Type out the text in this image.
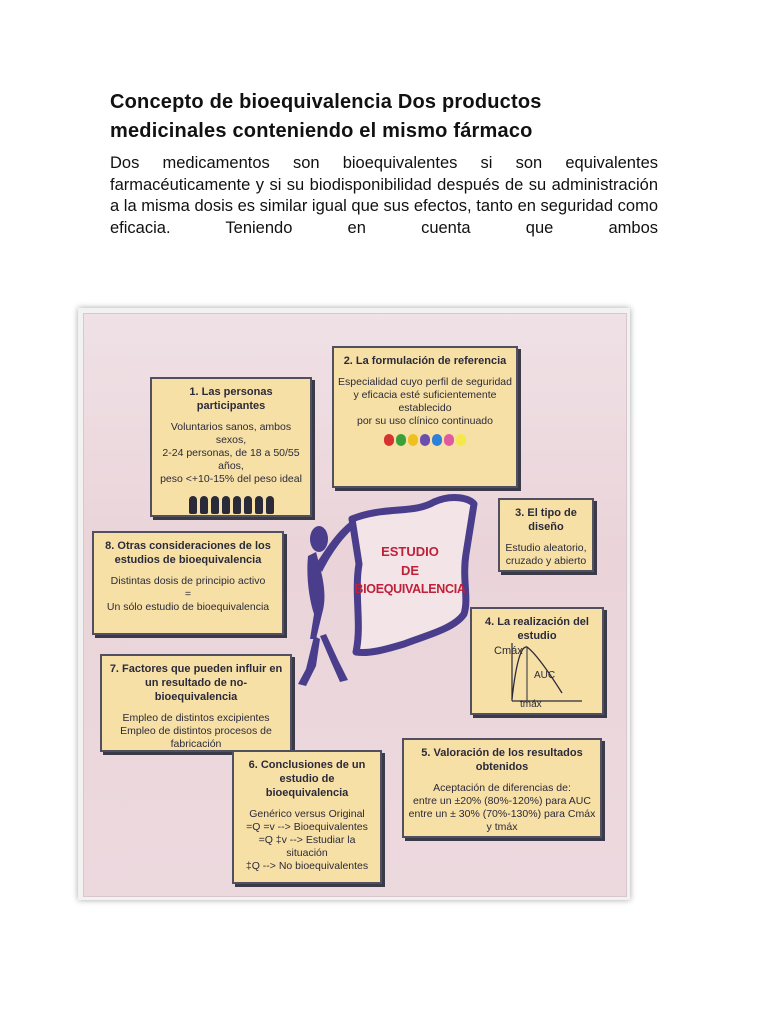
Concepto de bioequivalencia Dos productos medicinales conteniendo el mismo fármaco
Dos medicamentos son bioequivalentes si son equivalentes farmacéuticamente y si su biodisponibilidad después de su administración a la misma dosis es similar igual que sus efectos, tanto en seguridad como eficacia. Teniendo en cuenta que ambos
ESTUDIO
DE
BIOEQUIVALENCIA
1. Las personas participantes
Voluntarios sanos, ambos sexos,
2-24 personas, de 18 a 50/55 años,
peso <+10-15% del peso ideal
2. La formulación de referencia
Especialidad cuyo perfil de seguridad
y eficacia esté suficientemente establecido
por su uso clínico continuado
3. El tipo de diseño
Estudio aleatorio,
cruzado y abierto
8. Otras consideraciones de los estudios de bioequivalencia
Distintas dosis de principio activo
=
Un sólo estudio de bioequivalencia
4. La realización del estudio
Cmáx
AUC
tmáx
7. Factores que pueden influir en un resultado de no-bioequivalencia
Empleo de distintos excipientes
Empleo de distintos procesos de fabricación
6. Conclusiones de un estudio de bioequivalencia
Genérico versus Original
=Q =v --> Bioequivalentes
=Q ‡v --> Estudiar la situación
‡Q --> No bioequivalentes
5. Valoración de los resultados obtenidos
Aceptación de diferencias de:
entre un ±20% (80%-120%) para AUC
entre un ± 30% (70%-130%) para Cmáx y tmáx
